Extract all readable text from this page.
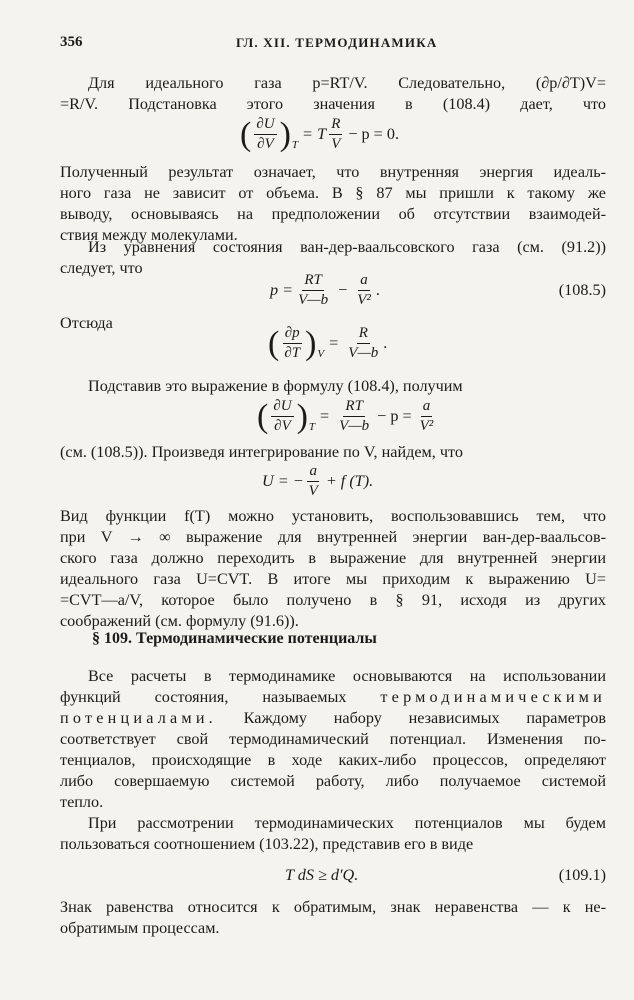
356	ГЛ. XII. ТЕРМОДИНАМИКА
Для идеального газа p=RT/V. Следовательно, (∂p/∂T)V=
=R/V. Подстановка этого значения в (108.4) дает, что
( $\frac{\partial U}{\partial V}$ ) T
= T $\frac{R}{V} - p = 0$.
Полученный результат означает, что внутренняя энергия идеаль-
ного газа не зависит от объема. В § 87 мы пришли к такому же
выводу, основываясь на предположении об отсутствии взаимодей-
ствия между молекулами.
Из уравнения состояния ван-дер-ваальсовского газа (см. (91.2))
следует, что
$p = \frac{RT}{V—b} - \frac{a}{\text{V²}}$ .	(108.5)
Отсюда
( $\frac{\partial p}{\partial T}$ ) V
= $\frac{R}{V—b}$ .
Подставив это выражение в формулу (108.4), получим
( $\frac{\partial U}{\partial V}$ ) T
= $\frac{RT}{V—b} - p = \frac{a}{\text{V²}}$
(см. (108.5)). Произведя интегрирование по V, найдем, что
U = − $\frac{a}{V} + f$ (T).
Вид функции f(T) можно установить, воспользовавшись тем, что
при V → ∞ выражение для внутренней энергии ван-дер-ваальсов-
ского газа должно переходить в выражение для внутренней энергии
идеального газа U=CVT. В итоге мы приходим к выражению U=
=CVT—a/V, которое было получено в § 91, исходя из других
соображений (см. формулу (91.6)).
§ 109. Термодинамические потенциалы
Все расчеты в термодинамике основываются на использовании
функций состояния, называемых термодинамическими
потенциалами. Каждому набору независимых параметров
соответствует свой термодинамический потенциал. Изменения по-
тенциалов, происходящие в ходе каких-либо процессов, определяют
либо совершаемую системой работу, либо получаемое системой
тепло.
При рассмотрении термодинамических потенциалов мы будем
пользоваться соотношением (103.22), представив его в виде
T dS ≥ d′Q.	(109.1)
Знак равенства относится к обратимым, знак неравенства — к не-
обратимым процессам.
